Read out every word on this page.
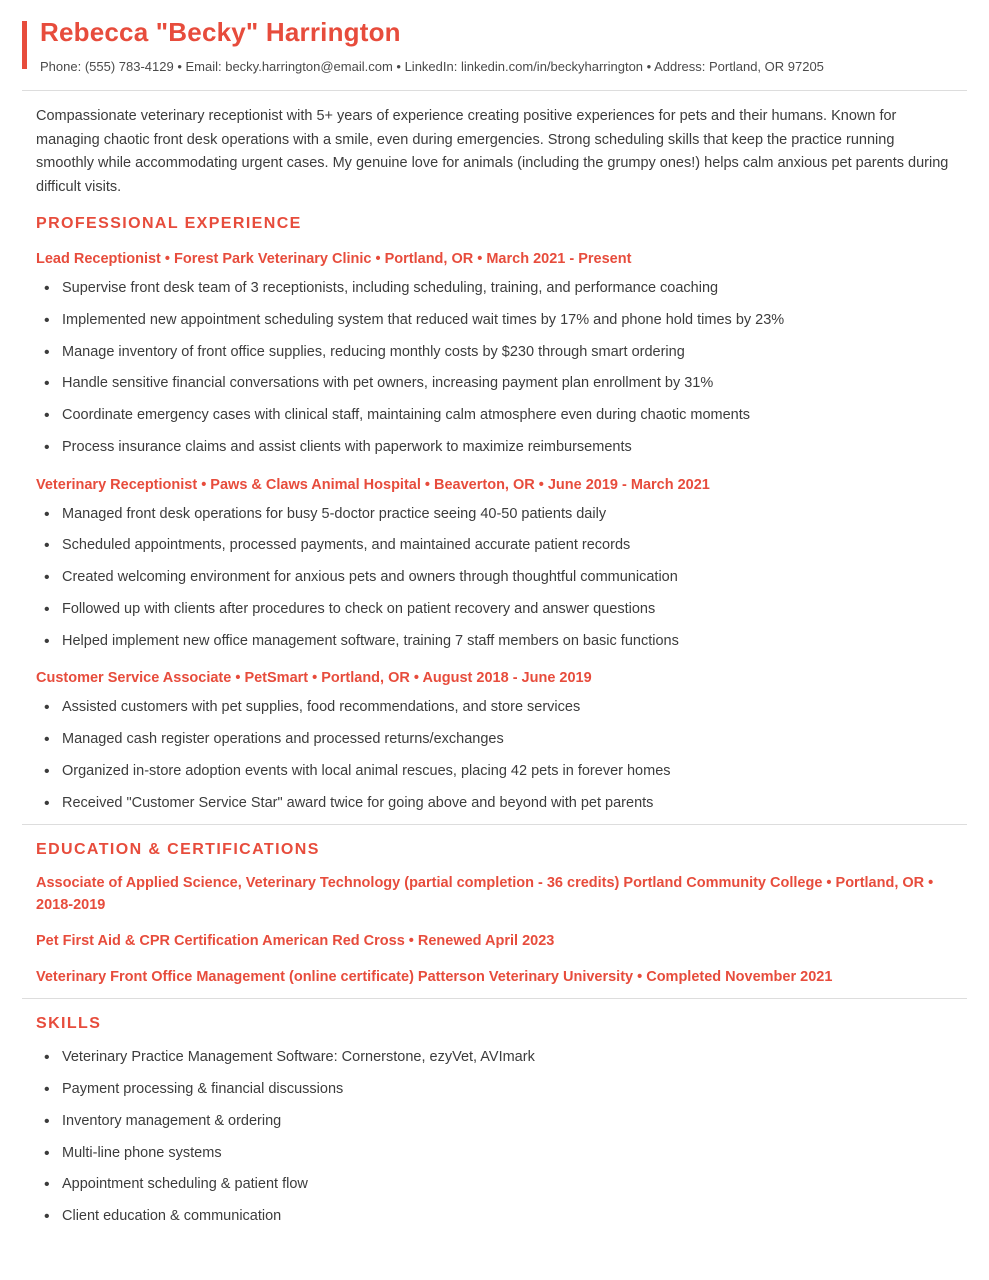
Rebecca "Becky" Harrington
Phone: (555) 783-4129 • Email: becky.harrington@email.com • LinkedIn: linkedin.com/in/beckyharrington • Address: Portland, OR 97205
Compassionate veterinary receptionist with 5+ years of experience creating positive experiences for pets and their humans. Known for managing chaotic front desk operations with a smile, even during emergencies. Strong scheduling skills that keep the practice running smoothly while accommodating urgent cases. My genuine love for animals (including the grumpy ones!) helps calm anxious pet parents during difficult visits.
PROFESSIONAL EXPERIENCE
Lead Receptionist • Forest Park Veterinary Clinic • Portland, OR • March 2021 - Present
• Supervise front desk team of 3 receptionists, including scheduling, training, and performance coaching
• Implemented new appointment scheduling system that reduced wait times by 17% and phone hold times by 23%
• Manage inventory of front office supplies, reducing monthly costs by $230 through smart ordering
• Handle sensitive financial conversations with pet owners, increasing payment plan enrollment by 31%
• Coordinate emergency cases with clinical staff, maintaining calm atmosphere even during chaotic moments
• Process insurance claims and assist clients with paperwork to maximize reimbursements
Veterinary Receptionist • Paws & Claws Animal Hospital • Beaverton, OR • June 2019 - March 2021
• Managed front desk operations for busy 5-doctor practice seeing 40-50 patients daily
• Scheduled appointments, processed payments, and maintained accurate patient records
• Created welcoming environment for anxious pets and owners through thoughtful communication
• Followed up with clients after procedures to check on patient recovery and answer questions
• Helped implement new office management software, training 7 staff members on basic functions
Customer Service Associate • PetSmart • Portland, OR • August 2018 - June 2019
• Assisted customers with pet supplies, food recommendations, and store services
• Managed cash register operations and processed returns/exchanges
• Organized in-store adoption events with local animal rescues, placing 42 pets in forever homes
• Received "Customer Service Star" award twice for going above and beyond with pet parents
EDUCATION & CERTIFICATIONS
Associate of Applied Science, Veterinary Technology (partial completion - 36 credits) Portland Community College • Portland, OR • 2018-2019
Pet First Aid & CPR Certification American Red Cross • Renewed April 2023
Veterinary Front Office Management (online certificate) Patterson Veterinary University • Completed November 2021
SKILLS
• Veterinary Practice Management Software: Cornerstone, ezyVet, AVImark
• Payment processing & financial discussions
• Inventory management & ordering
• Multi-line phone systems
• Appointment scheduling & patient flow
• Client education & communication
